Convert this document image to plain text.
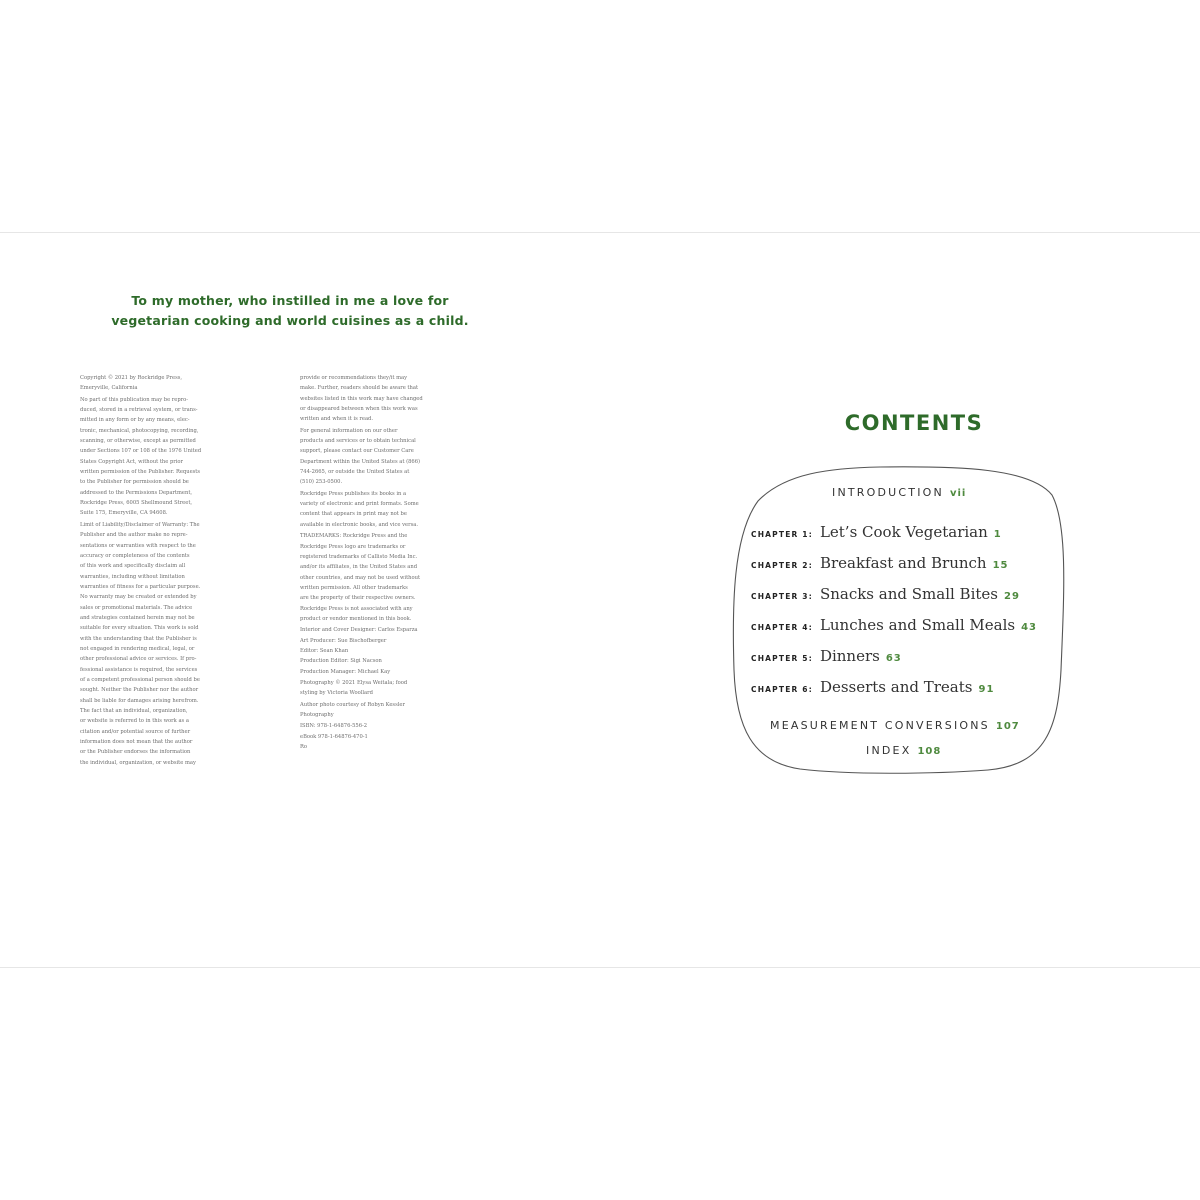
To my mother, who instilled in me a love for
vegetarian cooking and world cuisines as a child.

Copyright © 2021 by Rockridge Press,
Emeryville, California

No part of this publication may be repro-
duced, stored in a retrieval system, or trans-
mitted in any form or by any means, elec-
tronic, mechanical, photocopying, recording,
scanning, or otherwise, except as permitted
under Sections 107 or 108 of the 1976 United
States Copyright Act, without the prior
written permission of the Publisher. Requests
to the Publisher for permission should be
addressed to the Permissions Department,
Rockridge Press, 6005 Shellmound Street,
Suite 175, Emeryville, CA 94608.

Limit of Liability/Disclaimer of Warranty: The
Publisher and the author make no repre-
sentations or warranties with respect to the
accuracy or completeness of the contents
of this work and specifically disclaim all
warranties, including without limitation
warranties of fitness for a particular purpose.
No warranty may be created or extended by
sales or promotional materials. The advice
and strategies contained herein may not be
suitable for every situation. This work is sold
with the understanding that the Publisher is
not engaged in rendering medical, legal, or
other professional advice or services. If pro-
fessional assistance is required, the services
of a competent professional person should be
sought. Neither the Publisher nor the author
shall be liable for damages arising herefrom.
The fact that an individual, organization,
or website is referred to in this work as a
citation and/or potential source of further
information does not mean that the author
or the Publisher endorses the information
the individual, organization, or website may

provide or recommendations they/it may
make. Further, readers should be aware that
websites listed in this work may have changed
or disappeared between when this work was
written and when it is read.

For general information on our other
products and services or to obtain technical
support, please contact our Customer Care
Department within the United States at (866)
744-2665, or outside the United States at
(510) 253-0500.

Rockridge Press publishes its books in a
variety of electronic and print formats. Some
content that appears in print may not be
available in electronic books, and vice versa.

TRADEMARKS: Rockridge Press and the
Rockridge Press logo are trademarks or
registered trademarks of Callisto Media Inc.
and/or its affiliates, in the United States and
other countries, and may not be used without
written permission. All other trademarks
are the property of their respective owners.
Rockridge Press is not associated with any
product or vendor mentioned in this book.

Interior and Cover Designer: Carlos Esparza
Art Producer: Sue Bischofberger
Editor: Sean Khan
Production Editor: Sigi Nacson
Production Manager: Michael Kay

Photography © 2021 Elysa Weitala; food
styling by Victoria Woollard

Author photo courtesy of Robyn Kessler
Photography

ISBN: 978-1-64876-556-2
eBook 978-1-64876-470-1
Ro

CONTENTS
INTRODUCTION vii
CHAPTER 1: Let’s Cook Vegetarian 1
CHAPTER 2: Breakfast and Brunch 15
CHAPTER 3: Snacks and Small Bites 29
CHAPTER 4: Lunches and Small Meals 43
CHAPTER 5: Dinners 63
CHAPTER 6: Desserts and Treats 91
MEASUREMENT CONVERSIONS 107
INDEX 108
